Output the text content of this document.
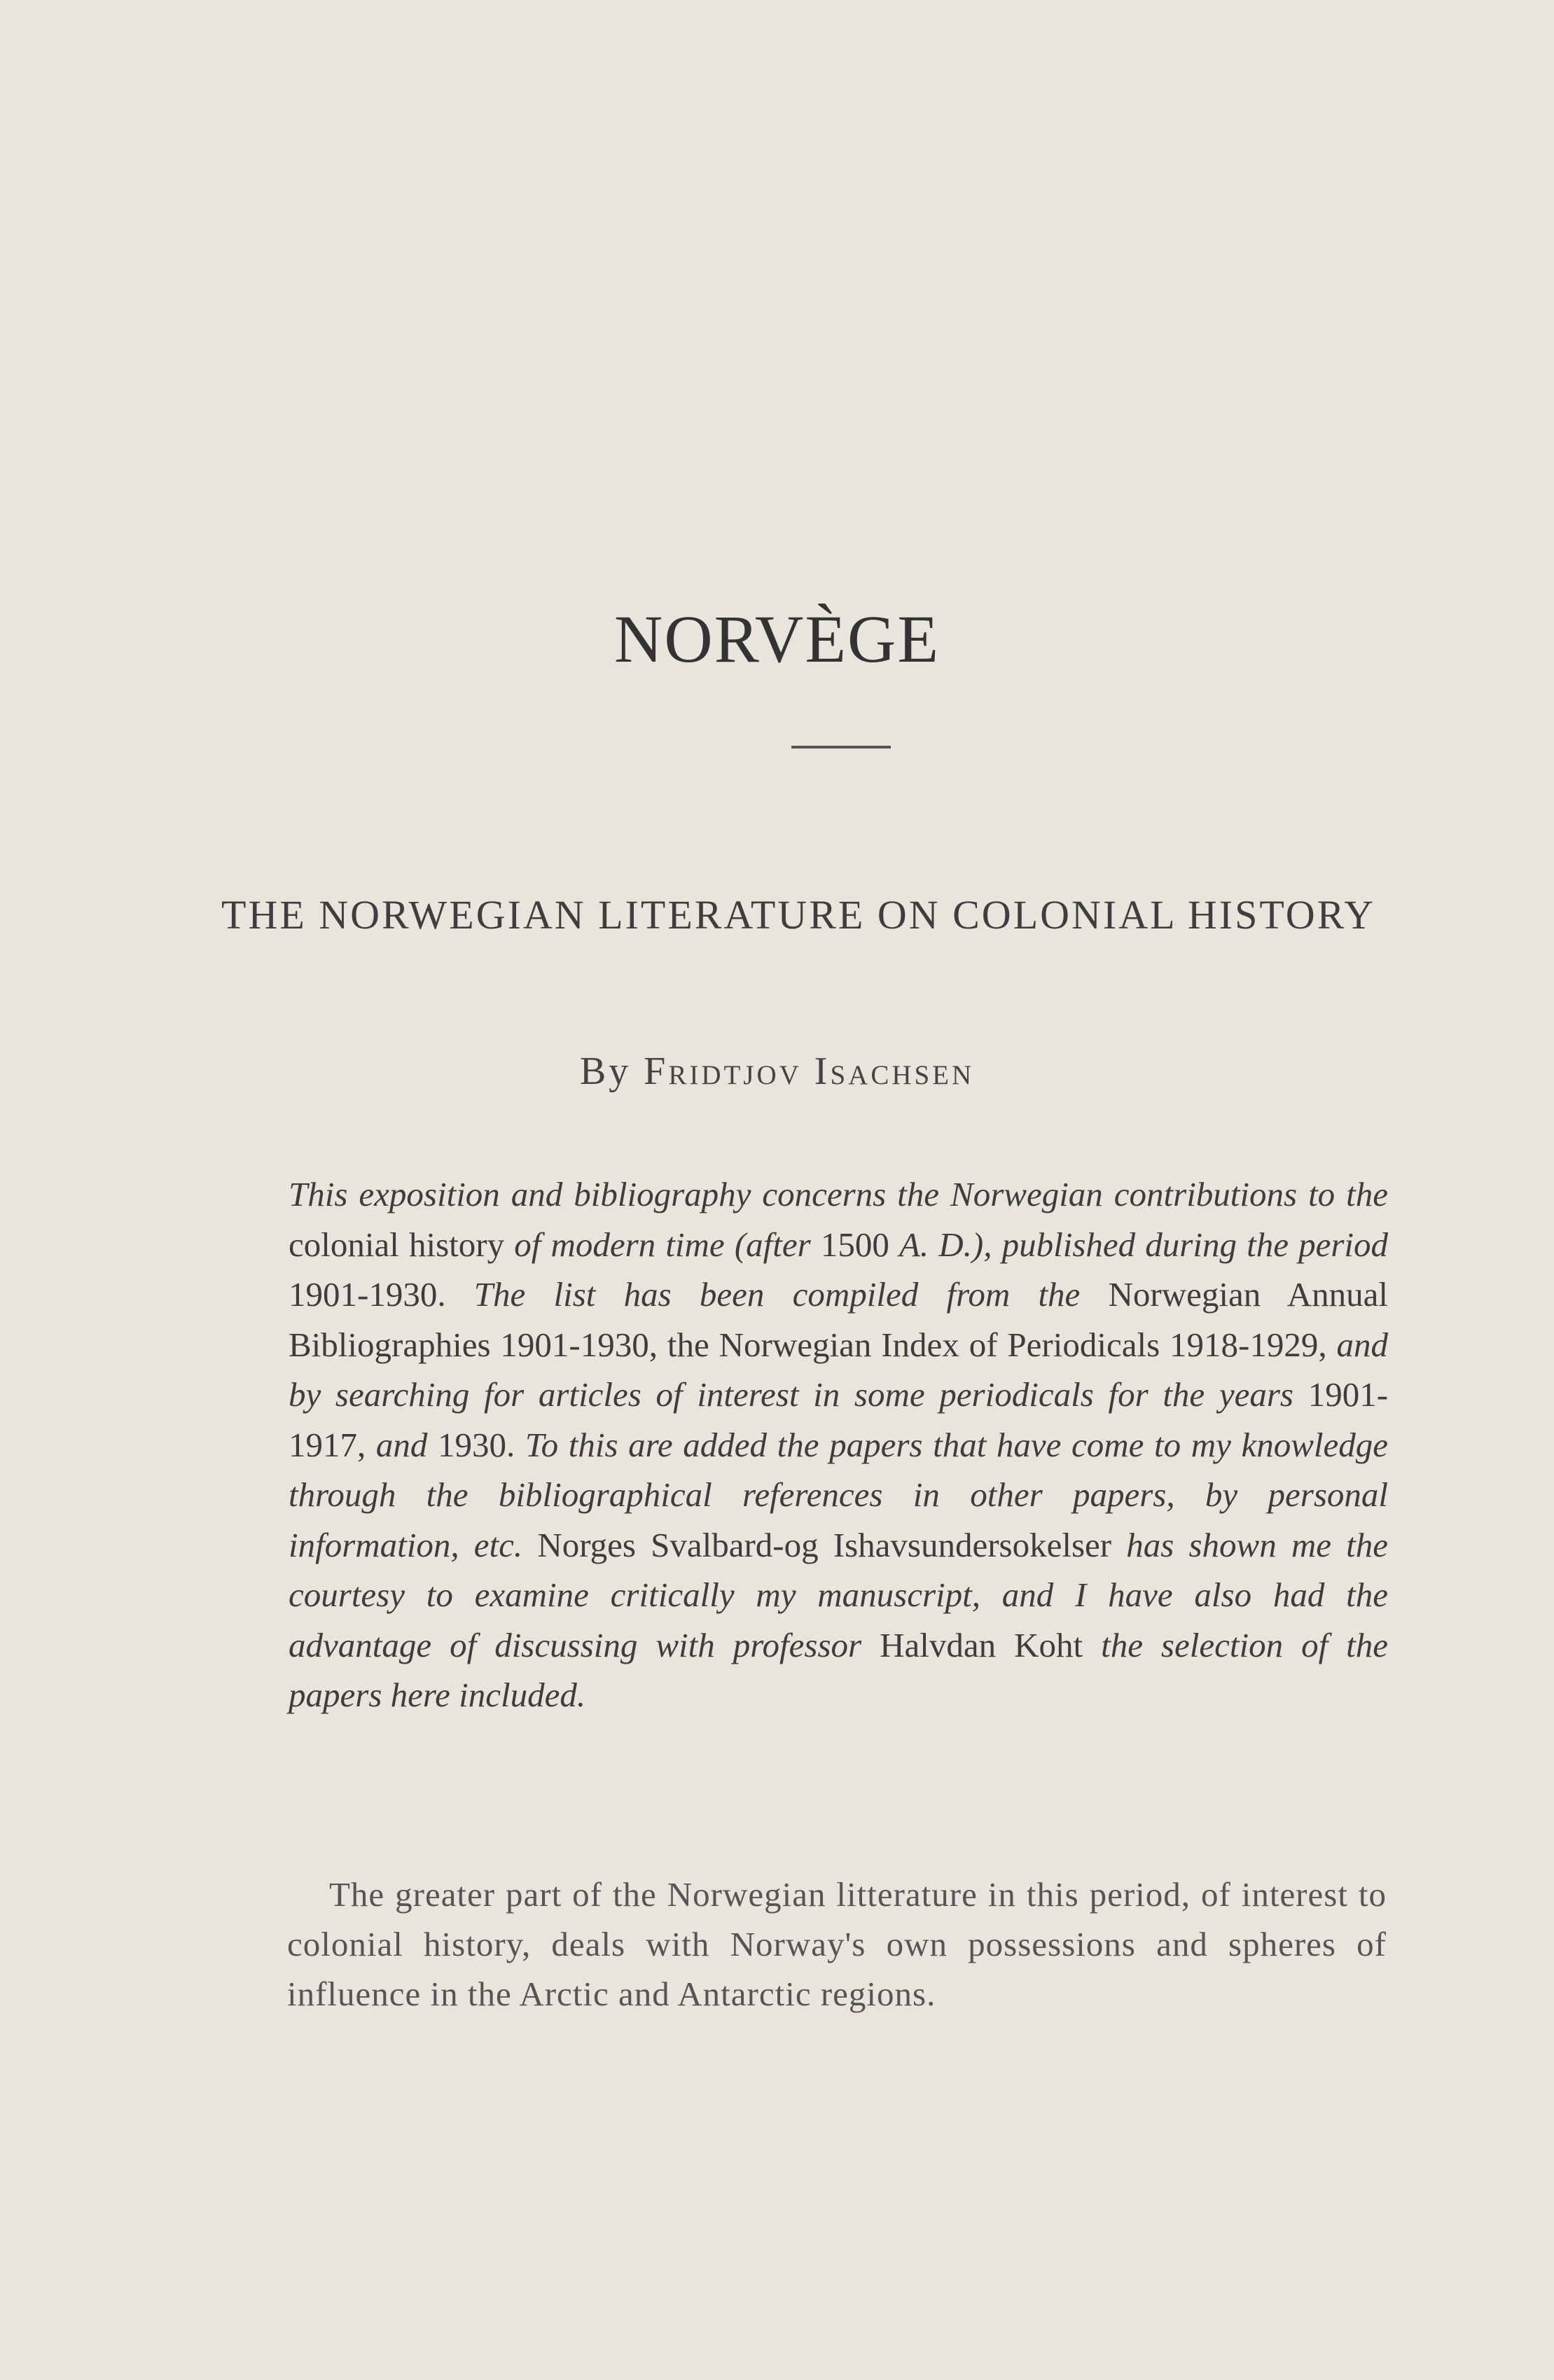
NORVÈGE
THE NORWEGIAN LITERATURE ON COLONIAL HISTORY
By Fridtjov Isachsen
This exposition and bibliography concerns the Norwegian contributions to the colonial history of modern time (after 1500 A. D.), published during the period 1901-1930. The list has been compiled from the Norwegian Annual Bibliographies 1901-1930, the Norwegian Index of Periodicals 1918-1929, and by searching for articles of interest in some periodicals for the years 1901-1917, and 1930. To this are added the papers that have come to my knowledge through the bibliographical references in other papers, by personal information, etc. Norges Svalbard-og Ishavsundersokelser has shown me the courtesy to examine critically my manuscript, and I have also had the advantage of discussing with professor Halvdan Koht the selection of the papers here included.
The greater part of the Norwegian litterature in this period, of interest to colonial history, deals with Norway's own possessions and spheres of influence in the Arctic and Antarctic regions.
